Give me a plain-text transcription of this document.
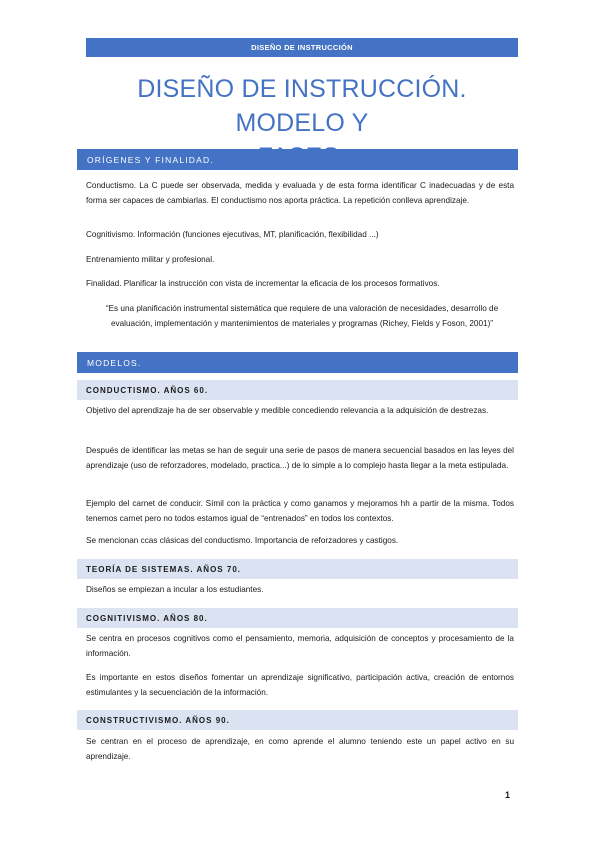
DISEÑO DE INSTRUCCIÓN
DISEÑO DE INSTRUCCIÓN. MODELO Y
ORÍGENES Y FINALIDAD.

Conductismo. La C puede ser observada, medida y evaluada y de esta forma identificar C inadecuadas y de esta forma ser capaces de cambiarlas. El conductismo nos aporta práctica. La repetición conlleva aprendizaje.

Cognitivismo. Información (funciones ejecutivas, MT, planificación, flexibilidad ...)

Entrenamiento militar y profesional.

Finalidad. Planificar la instrucción con vista de incrementar la eficacia de los procesos formativos.

“Es una planificación instrumental sistemática que requiere de una valoración de necesidades, desarrollo de evaluación, implementación y mantenimientos de materiales y programas (Richey, Fields y Foson, 2001)”

MODELOS.
CONDUCTISMO. AÑOS 60.

Objetivo del aprendizaje ha de ser observable y medible concediendo relevancia a la adquisición de destrezas.

Después de identificar las metas se han de seguir una serie de pasos de manera secuencial basados en las leyes del aprendizaje (uso de reforzadores, modelado, practica...) de lo simple a lo complejo hasta llegar a la meta estipulada.

Ejemplo del carnet de conducir. Símil con la práctica y como ganamos y mejoramos hh a partir de la misma. Todos tenemos carnet pero no todos estamos igual de “entrenados” en todos los contextos.

Se mencionan ccas clásicas del conductismo. Importancia de reforzadores y castigos.

TEORÍA DE SISTEMAS. AÑOS 70.

Diseños se empiezan a incular a los estudiantes.

COGNITIVISMO. AÑOS 80.

Se centra en procesos cognitivos como el pensamiento, memoria, adquisición de conceptos y procesamiento de la información.

Es importante en estos diseños fomentar un aprendizaje significativo, participación activa, creación de entornos estimulantes y la secuenciación de la información.

CONSTRUCTIVISMO. AÑOS 90.

Se centran en el proceso de aprendizaje, en como aprende el alumno teniendo este un papel activo en su aprendizaje.

1
